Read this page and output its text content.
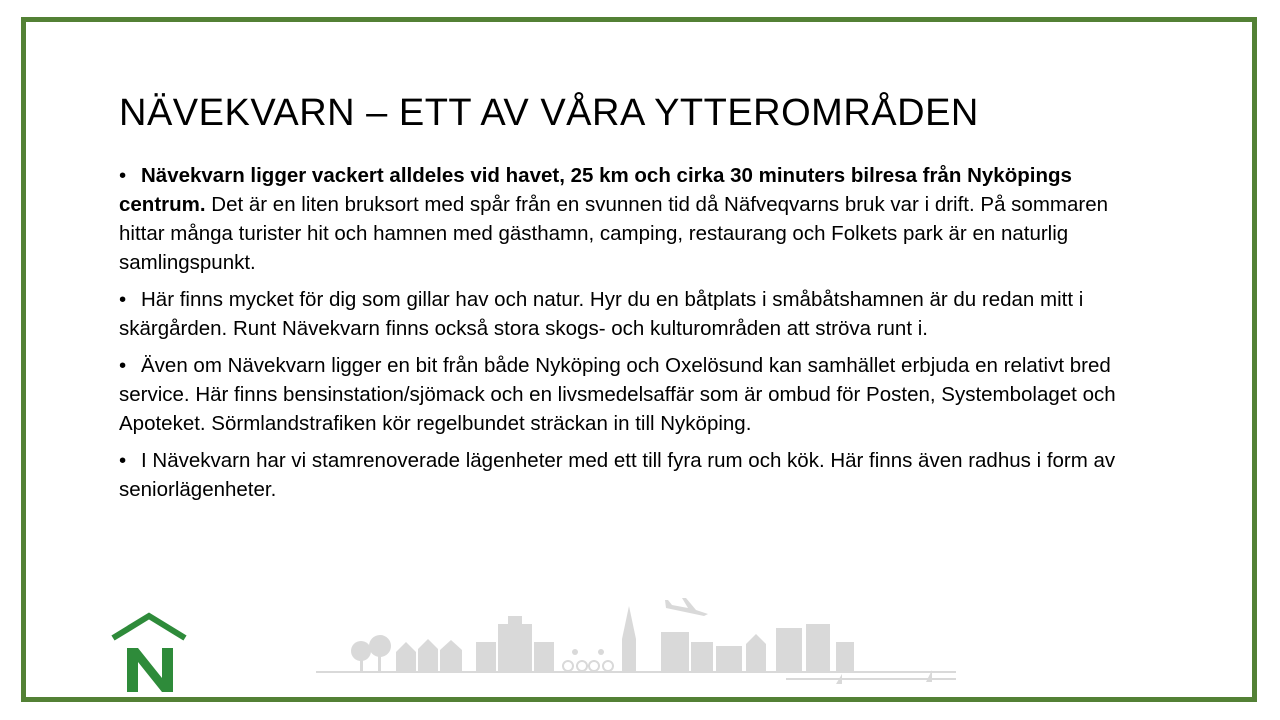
NÄVEKVARN – ETT AV VÅRA YTTEROMRÅDEN
• Nävekvarn ligger vackert alldeles vid havet, 25 km och cirka 30 minuters bilresa från Nyköpings centrum. Det är en liten bruksort med spår från en svunnen tid då Näfveqvarns bruk var i drift. På sommaren hittar många turister hit och hamnen med gästhamn, camping, restaurang och Folkets park är en naturlig samlingspunkt.
• Här finns mycket för dig som gillar hav och natur. Hyr du en båtplats i småbåtshamnen är du redan mitt i skärgården. Runt Nävekvarn finns också stora skogs- och kulturområden att ströva runt i.
• Även om Nävekvarn ligger en bit från både Nyköping och Oxelösund kan samhället erbjuda en relativt bred service. Här finns bensinstation/sjömack och en livsmedelsaffär som är ombud för Posten, Systembolaget och Apoteket. Sörmlandstrafiken kör regelbundet sträckan in till Nyköping.
• I Nävekvarn har vi stamrenoverade lägenheter med ett till fyra rum och kök. Här finns även radhus i form av seniorlägenheter.
